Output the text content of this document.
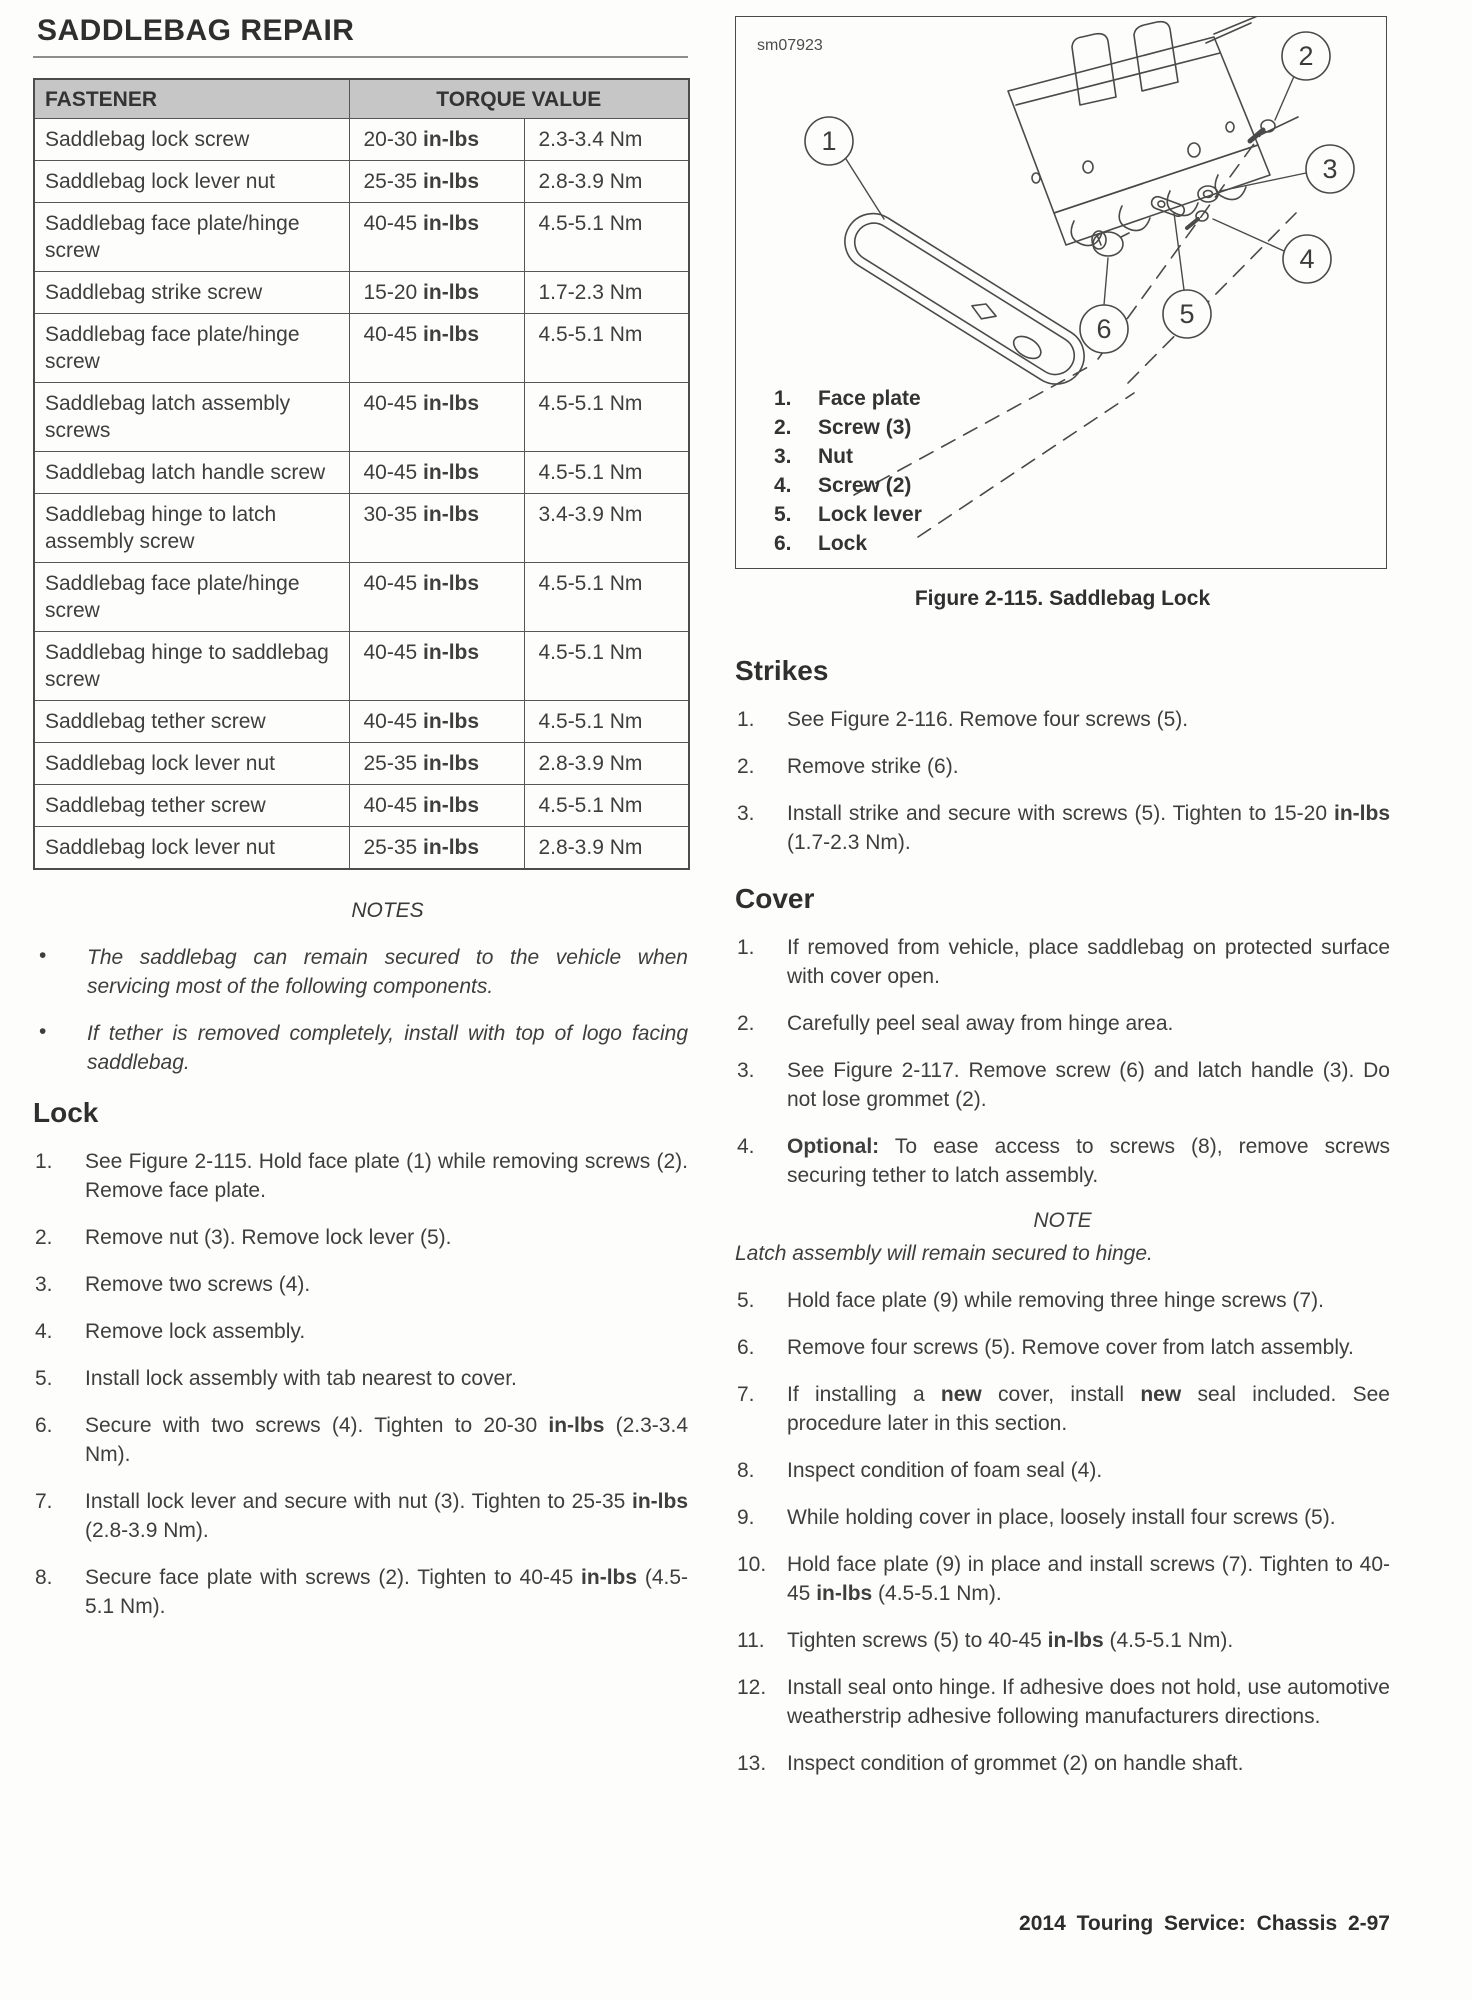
SADDLEBAG REPAIR
FASTENER	TORQUE VALUE	
Saddlebag lock screw	20-30 in-lbs	2.3-3.4 Nm
Saddlebag lock lever nut	25-35 in-lbs	2.8-3.9 Nm
Saddlebag face plate/hinge screw	40-45 in-lbs	4.5-5.1 Nm
Saddlebag strike screw	15-20 in-lbs	1.7-2.3 Nm
Saddlebag face plate/hinge screw	40-45 in-lbs	4.5-5.1 Nm
Saddlebag latch assembly screws	40-45 in-lbs	4.5-5.1 Nm
Saddlebag latch handle screw	40-45 in-lbs	4.5-5.1 Nm
Saddlebag hinge to latch assembly screw	30-35 in-lbs	3.4-3.9 Nm
Saddlebag face plate/hinge screw	40-45 in-lbs	4.5-5.1 Nm
Saddlebag hinge to saddlebag screw	40-45 in-lbs	4.5-5.1 Nm
Saddlebag tether screw	40-45 in-lbs	4.5-5.1 Nm
Saddlebag lock lever nut	25-35 in-lbs	2.8-3.9 Nm
Saddlebag tether screw	40-45 in-lbs	4.5-5.1 Nm
Saddlebag lock lever nut	25-35 in-lbs	2.8-3.9 Nm
NOTES
• The saddlebag can remain secured to the vehicle when servicing most of the following components.
• If tether is removed completely, install with top of logo facing saddlebag.
Lock
1. See Figure 2-115. Hold face plate (1) while removing screws (2). Remove face plate.
2. Remove nut (3). Remove lock lever (5).
3. Remove two screws (4).
4. Remove lock assembly.
5. Install lock assembly with tab nearest to cover.
6. Secure with two screws (4). Tighten to 20-30 in-lbs (2.3-3.4 Nm).
7. Install lock lever and secure with nut (3). Tighten to 25-35 in-lbs (2.8-3.9 Nm).
8. Secure face plate with screws (2). Tighten to 40-45 in-lbs (4.5-5.1 Nm).
1
2
3
4
5
6
sm07923
1. Face plate
2. Screw (3)
3. Nut
4. Screw (2)
5. Lock lever
6. Lock
Figure 2-115. Saddlebag Lock
Strikes
1. See Figure 2-116. Remove four screws (5).
2. Remove strike (6).
3. Install strike and secure with screws (5). Tighten to 15-20 in-lbs (1.7-2.3 Nm).
Cover
1. If removed from vehicle, place saddlebag on protected surface with cover open.
2. Carefully peel seal away from hinge area.
3. See Figure 2-117. Remove screw (6) and latch handle (3). Do not lose grommet (2).
4. Optional: To ease access to screws (8), remove screws securing tether to latch assembly.
NOTE
Latch assembly will remain secured to hinge.
5. Hold face plate (9) while removing three hinge screws (7).
6. Remove four screws (5). Remove cover from latch assembly.
7. If installing a new cover, install new seal included. See procedure later in this section.
8. Inspect condition of foam seal (4).
9. While holding cover in place, loosely install four screws (5).
10. Hold face plate (9) in place and install screws (7). Tighten to 40-45 in-lbs (4.5-5.1 Nm).
11. Tighten screws (5) to 40-45 in-lbs (4.5-5.1 Nm).
12. Install seal onto hinge. If adhesive does not hold, use automotive weatherstrip adhesive following manufacturers directions.
13. Inspect condition of grommet (2) on handle shaft.
2014 Touring Service: Chassis 2-97
